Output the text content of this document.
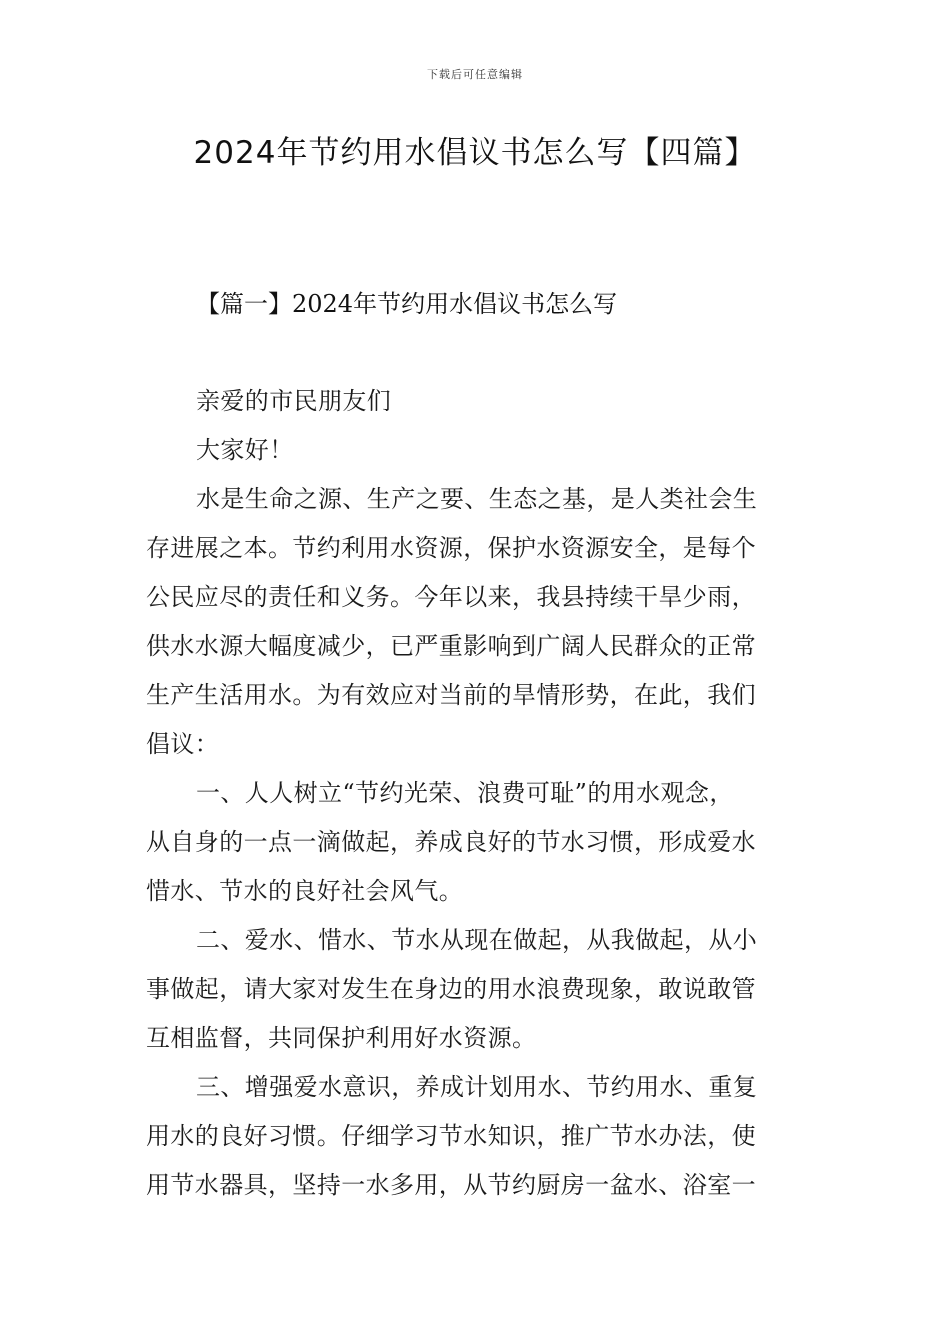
下载后可任意编辑
2024年节约用水倡议书怎么写【四篇】
【篇一】2024年节约用水倡议书怎么写
亲爱的市民朋友们
大家好！
水是生命之源、生产之要、生态之基，是人类社会生
存进展之本。节约利用水资源，保护水资源安全，是每个
公民应尽的责任和义务。今年以来，我县持续干旱少雨，
供水水源大幅度减少，已严重影响到广阔人民群众的正常
生产生活用水。为有效应对当前的旱情形势，在此，我们
倡议：
一、人人树立“节约光荣、浪费可耻”的用水观念，
从自身的一点一滴做起，养成良好的节水习惯，形成爱水
惜水、节水的良好社会风气。
二、爱水、惜水、节水从现在做起，从我做起，从小
事做起，请大家对发生在身边的用水浪费现象，敢说敢管
互相监督，共同保护利用好水资源。
三、增强爱水意识，养成计划用水、节约用水、重复
用水的良好习惯。仔细学习节水知识，推广节水办法，使
用节水器具，坚持一水多用，从节约厨房一盆水、浴室一
